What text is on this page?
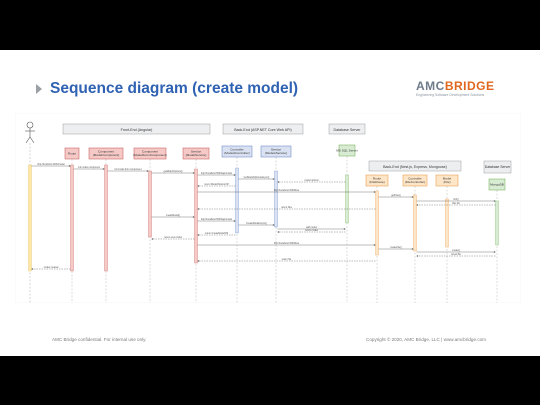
Sequence diagram (create model)	AMCBRIDGE
Engineering Software Development Solutions
Front-End (Angular)	Back-End (ASP.NET Core Web API)	Database Server
Back-End (Nest.js, Express, Mongoose)	Database Server
Route	Component (ModelComponent)
Component (ModelFormComponent)
Service (ModelService)
Controller (ModelsController)
Service (ModelsService)
MS SQL Server
Route (FileRoute)
Controller (FileController)
Model (File)
MongoDB
http://localhost:4200/model
init model component
init model form component
getModelOptions()
http://localhost:5000/api/model
GetModelOptionsAsync()
model options
return ModelOptionsVM
http://localhost:3000/files
getFiles()
find()
files list
return files
createModel()
http://localhost:5000/api/model
CreateModelAsync()
add model
return model
return CreateModelVM
return new model
http://localhost:3000/files
createFile()
create()
saved file
return file
model created
AMC Bridge confidential. For internal use only.	Copyright © 2020, AMC Bridge, LLC | www.amcbridge.com
